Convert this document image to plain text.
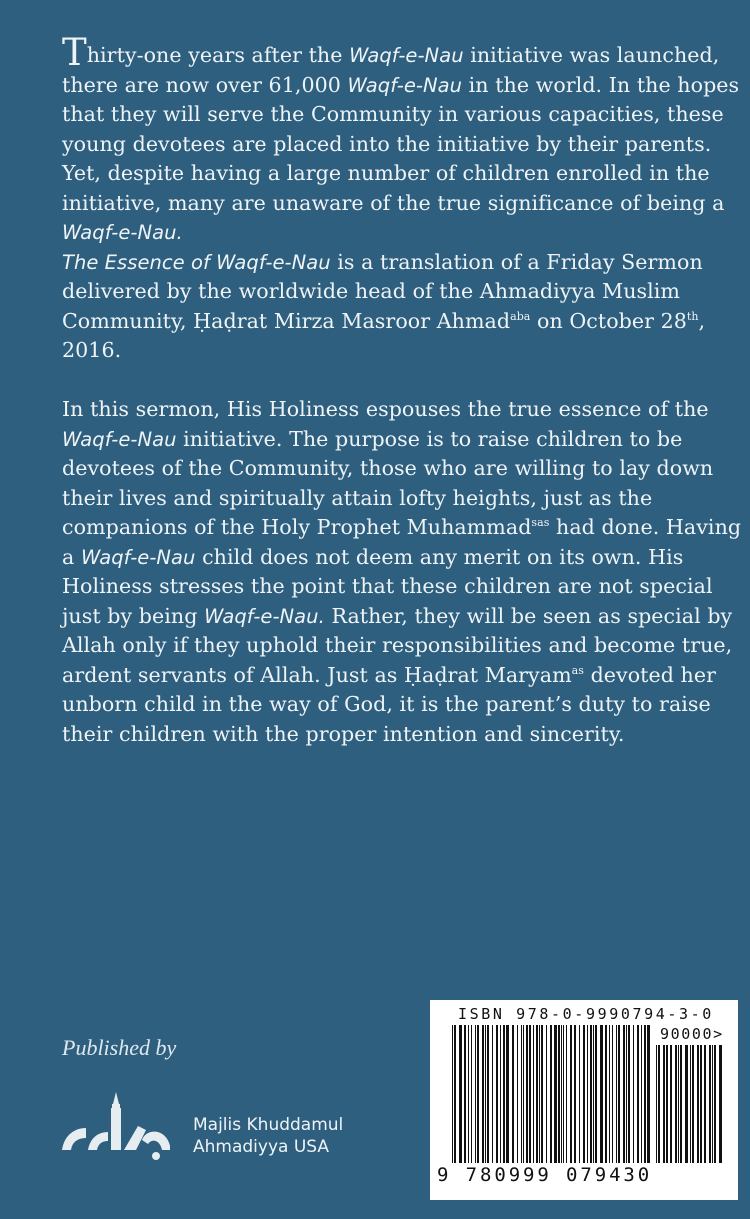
Thirty-one years after the Waqf-e-Nau initiative was launched, there are now over 61,000 Waqf-e-Nau in the world. In the hopes that they will serve the Community in various capacities, these young devotees are placed into the initiative by their parents. Yet, despite having a large number of children enrolled in the initiative, many are unaware of the true significance of being a Waqf-e-Nau.
The Essence of Waqf-e-Nau is a translation of a Friday Sermon delivered by the worldwide head of the Ahmadiyya Muslim Community, Ḥaḍrat Mirza Masroor Ahmad$^{aba}$ on October 28th, 2016.

In this sermon, His Holiness espouses the true essence of the Waqf-e-Nau initiative. The purpose is to raise children to be devotees of the Community, those who are willing to lay down their lives and spiritually attain lofty heights, just as the companions of the Holy Prophet Muhammad$^{sas}$ had done. Having a Waqf-e-Nau child does not deem any merit on its own. His Holiness stresses the point that these children are not special just by being Waqf-e-Nau. Rather, they will be seen as special by Allah only if they uphold their responsibilities and become true, ardent servants of Allah. Just as Ḥaḍrat Maryam$^{as}$ devoted her unborn child in the way of God, it is the parent’s duty to raise their children with the proper intention and sincerity.

Published by
Majlis Khuddamul
Ahmadiyya USA
ISBN 978-0-9990794-3-0
90000>
9 780999 079430
